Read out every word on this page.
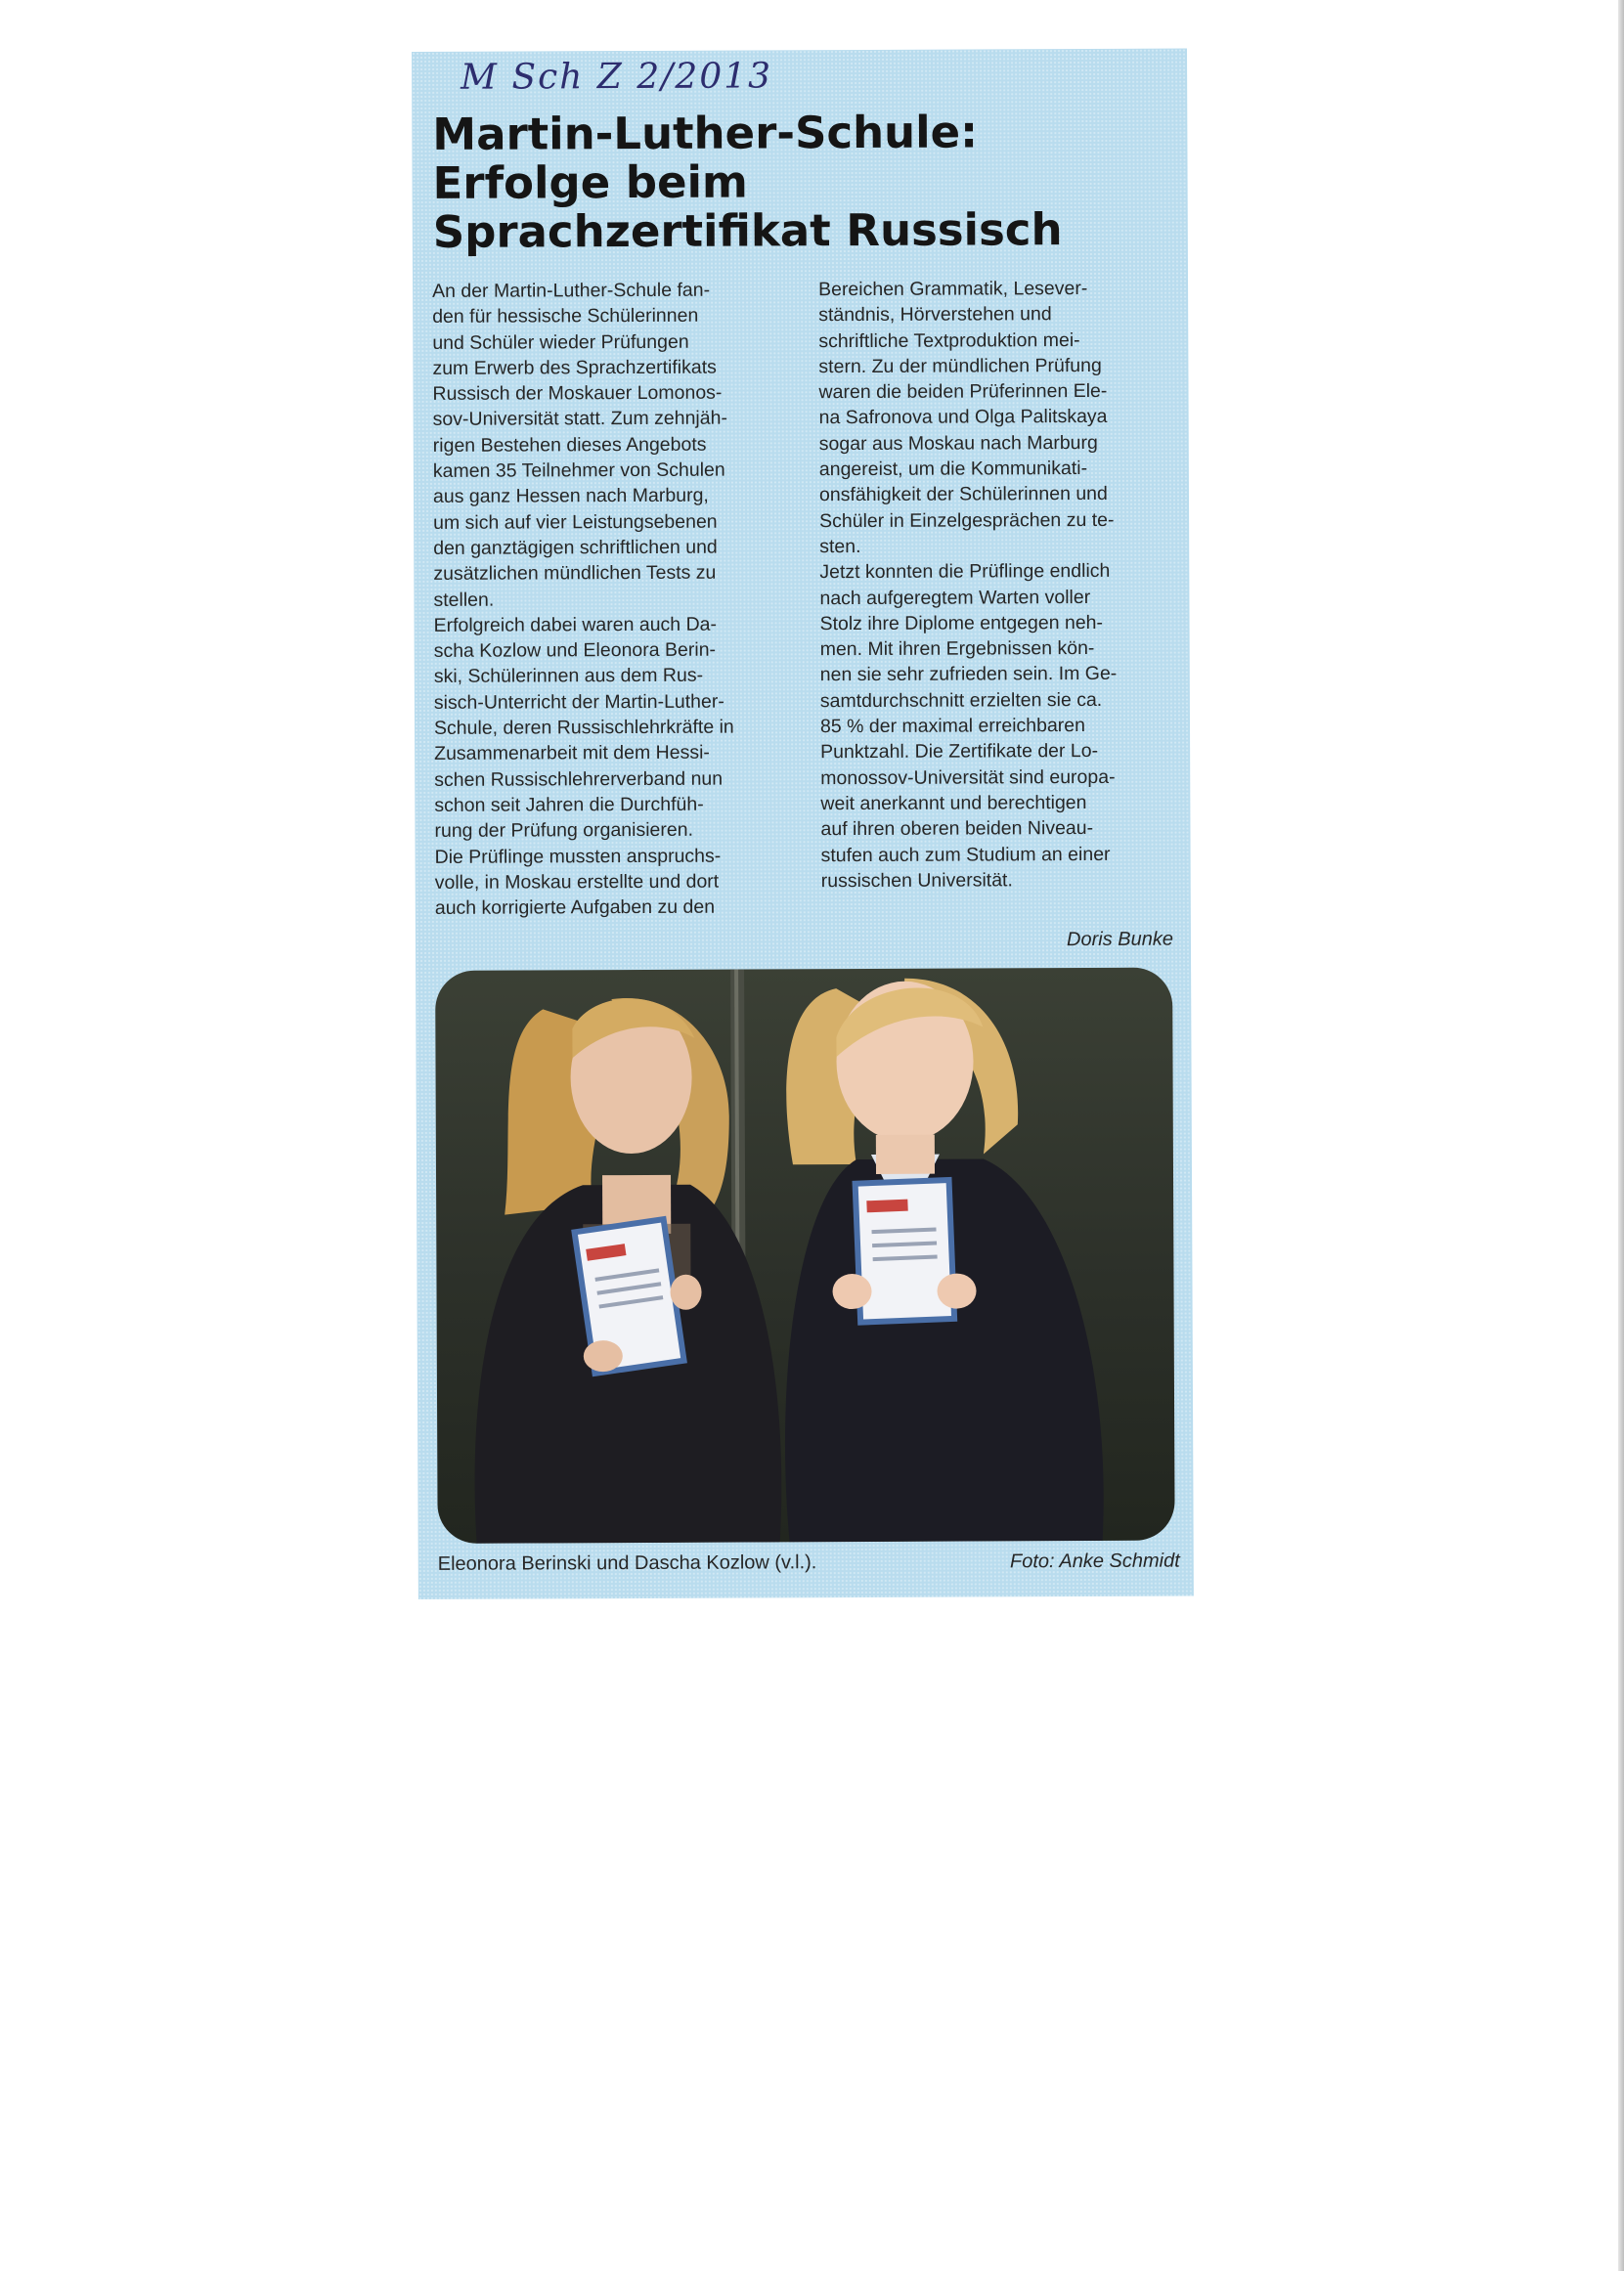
M Sch Z 2/2013
Martin-Luther-Schule:
Erfolge beim
Sprachzertifikat Russisch
An der Martin-Luther-Schule fan-
den für hessische Schülerinnen
und Schüler wieder Prüfungen
zum Erwerb des Sprachzertifikats
Russisch der Moskauer Lomonos-
sov-Universität statt. Zum zehnjäh-
rigen Bestehen dieses Angebots
kamen 35 Teilnehmer von Schulen
aus ganz Hessen nach Marburg,
um sich auf vier Leistungsebenen
den ganztägigen schriftlichen und
zusätzlichen mündlichen Tests zu
stellen.
Erfolgreich dabei waren auch Da-
scha Kozlow und Eleonora Berin-
ski, Schülerinnen aus dem Rus-
sisch-Unterricht der Martin-Luther-
Schule, deren Russischlehrkräfte in
Zusammenarbeit mit dem Hessi-
schen Russischlehrerverband nun
schon seit Jahren die Durchfüh-
rung der Prüfung organisieren.
Die Prüflinge mussten anspruchs-
volle, in Moskau erstellte und dort
auch korrigierte Aufgaben zu den
Bereichen Grammatik, Lesever-
ständnis, Hörverstehen und
schriftliche Textproduktion mei-
stern. Zu der mündlichen Prüfung
waren die beiden Prüferinnen Ele-
na Safronova und Olga Palitskaya
sogar aus Moskau nach Marburg
angereist, um die Kommunikati-
onsfähigkeit der Schülerinnen und
Schüler in Einzelgesprächen zu te-
sten.
Jetzt konnten die Prüflinge endlich
nach aufgeregtem Warten voller
Stolz ihre Diplome entgegen neh-
men. Mit ihren Ergebnissen kön-
nen sie sehr zufrieden sein. Im Ge-
samtdurchschnitt erzielten sie ca.
85 % der maximal erreichbaren
Punktzahl. Die Zertifikate der Lo-
monossov-Universität sind europa-
weit anerkannt und berechtigen
auf ihren oberen beiden Niveau-
stufen auch zum Studium an einer
russischen Universität.
Doris Bunke
Eleonora Berinski und Dascha Kozlow (v.l.).	Foto: Anke Schmidt
